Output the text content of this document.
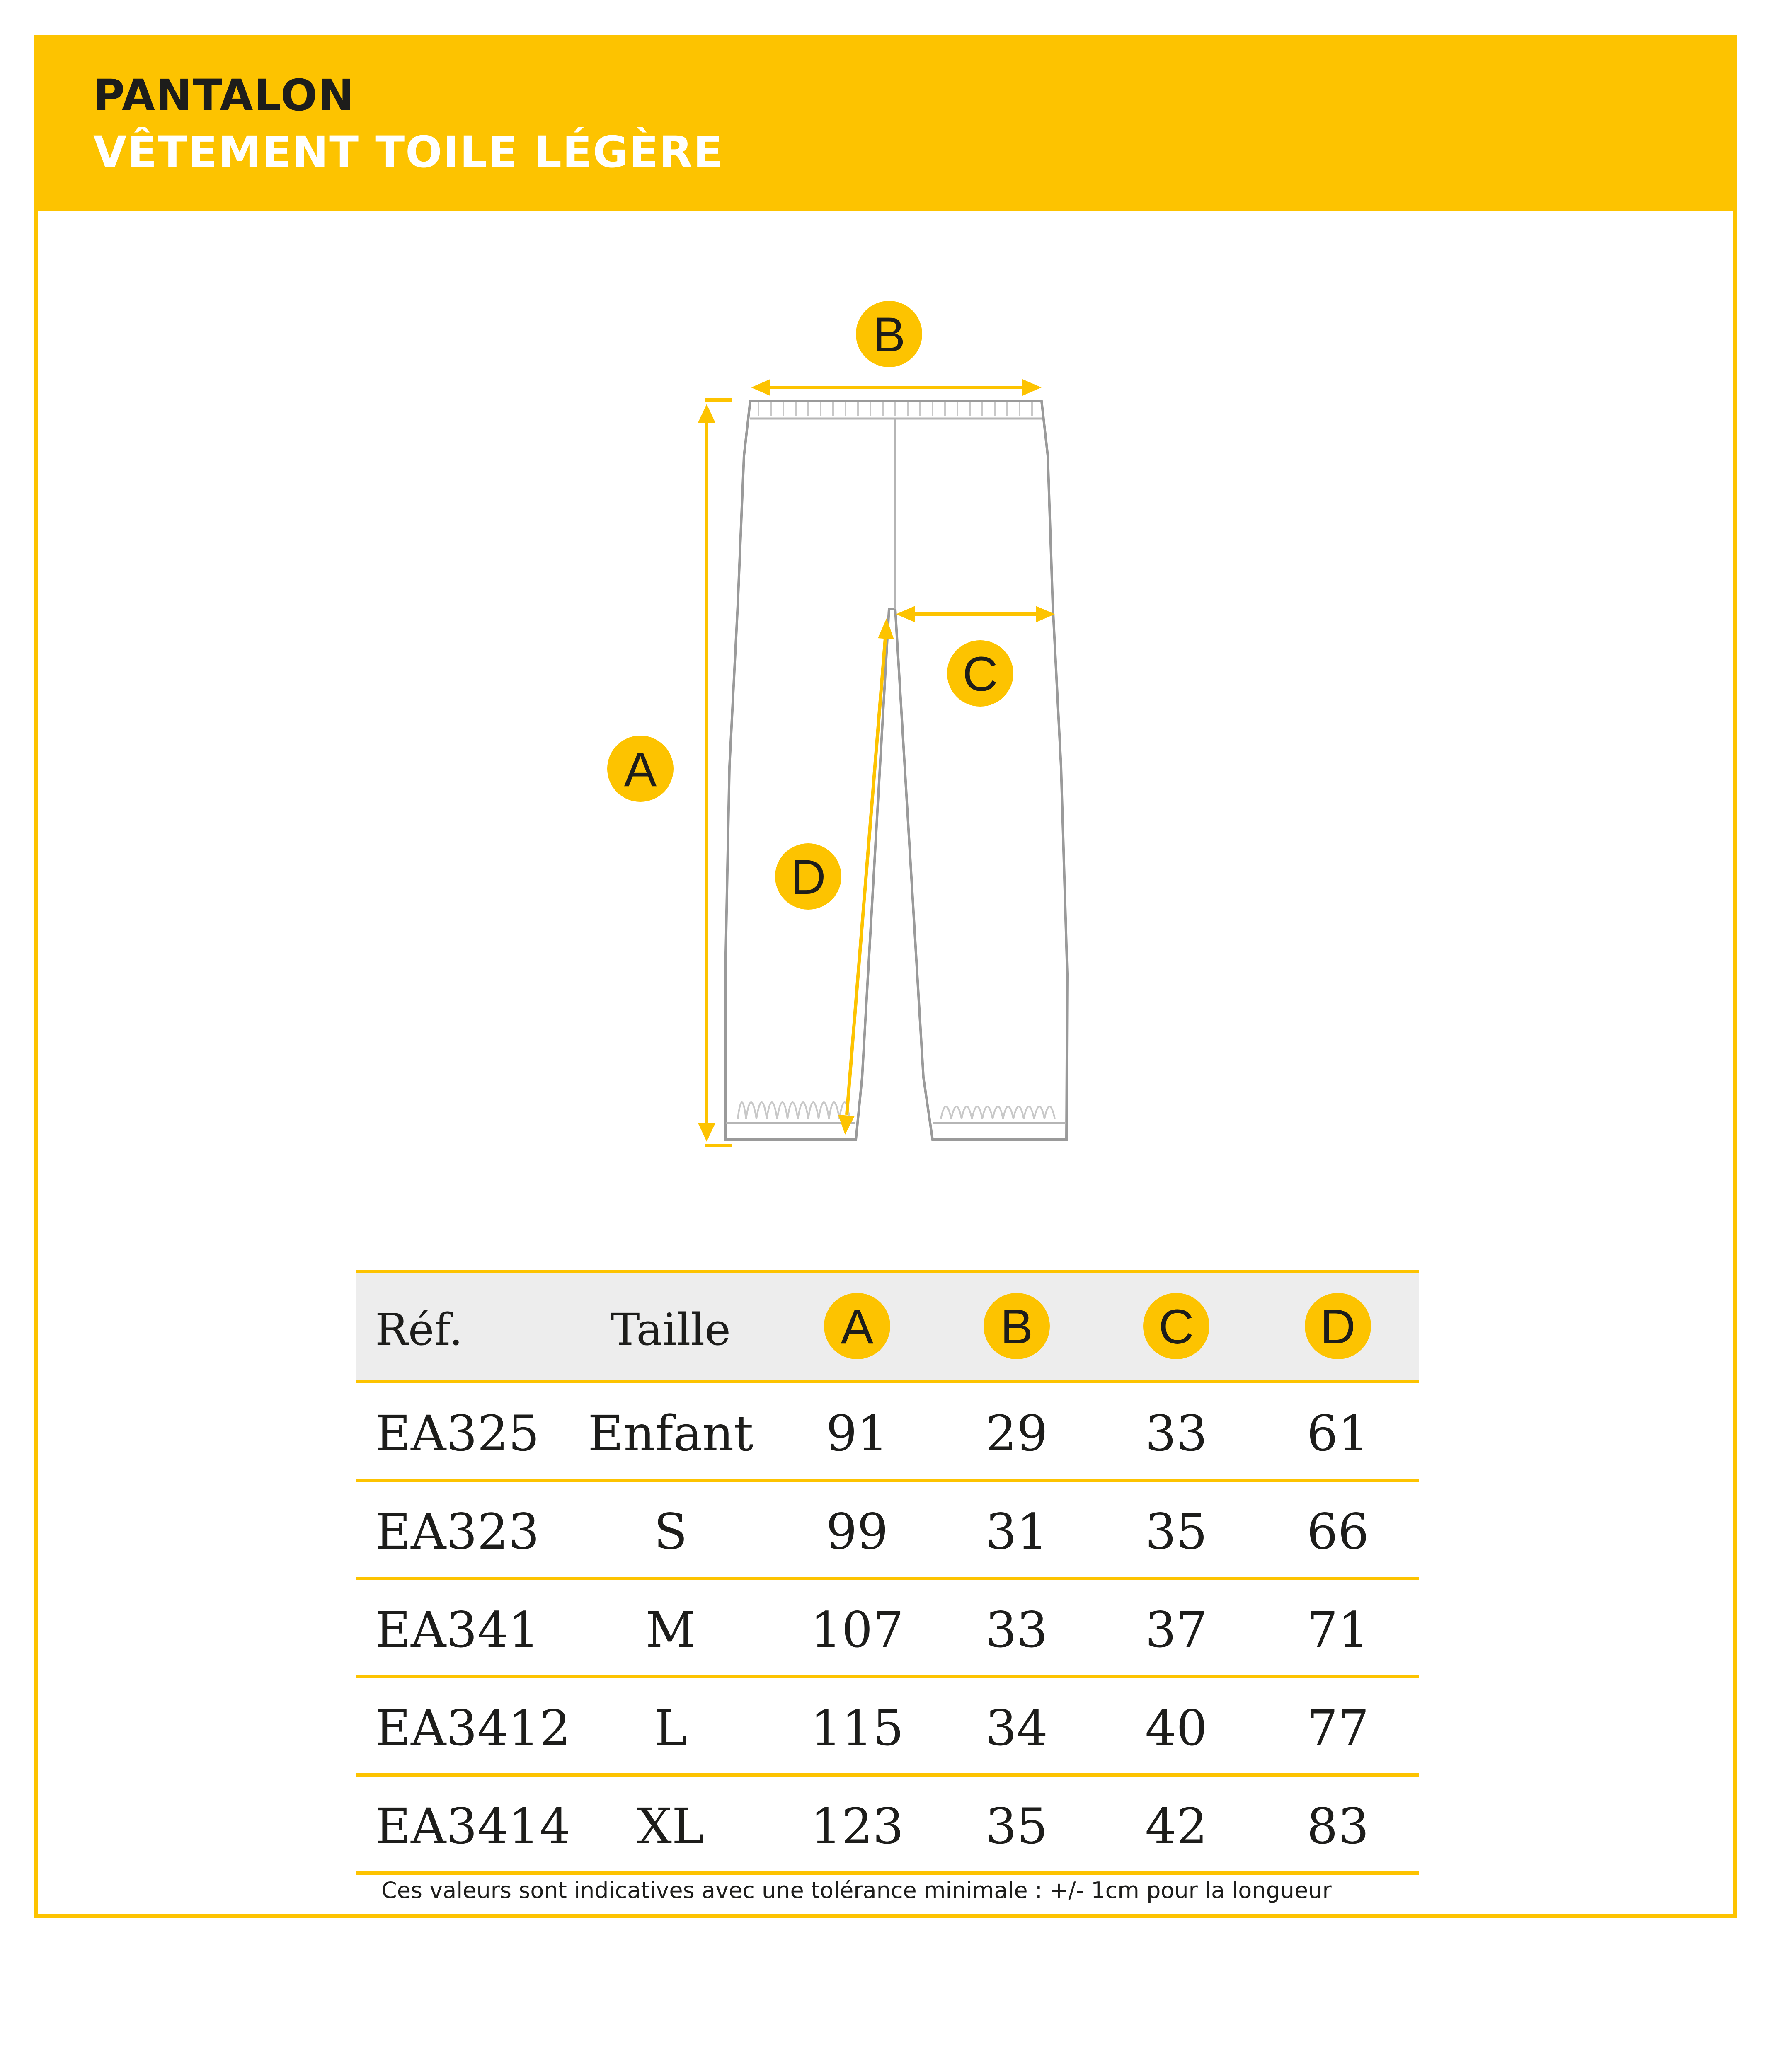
PANTALON
VÊTEMENT TOILE LÉGÈRE
B
A
C
D
Réf.	Taille A	B	C	D
EA325 Enfant 91 29 33 61
EA323 S	99 31 35 66
EA341 M 107 33 37 71
EA3412 L	115 34 40 77
EA3414 XL 123 35 42 83
Ces valeurs sont indicatives avec une tolérance minimale : +/- 1cm pour la longueur
